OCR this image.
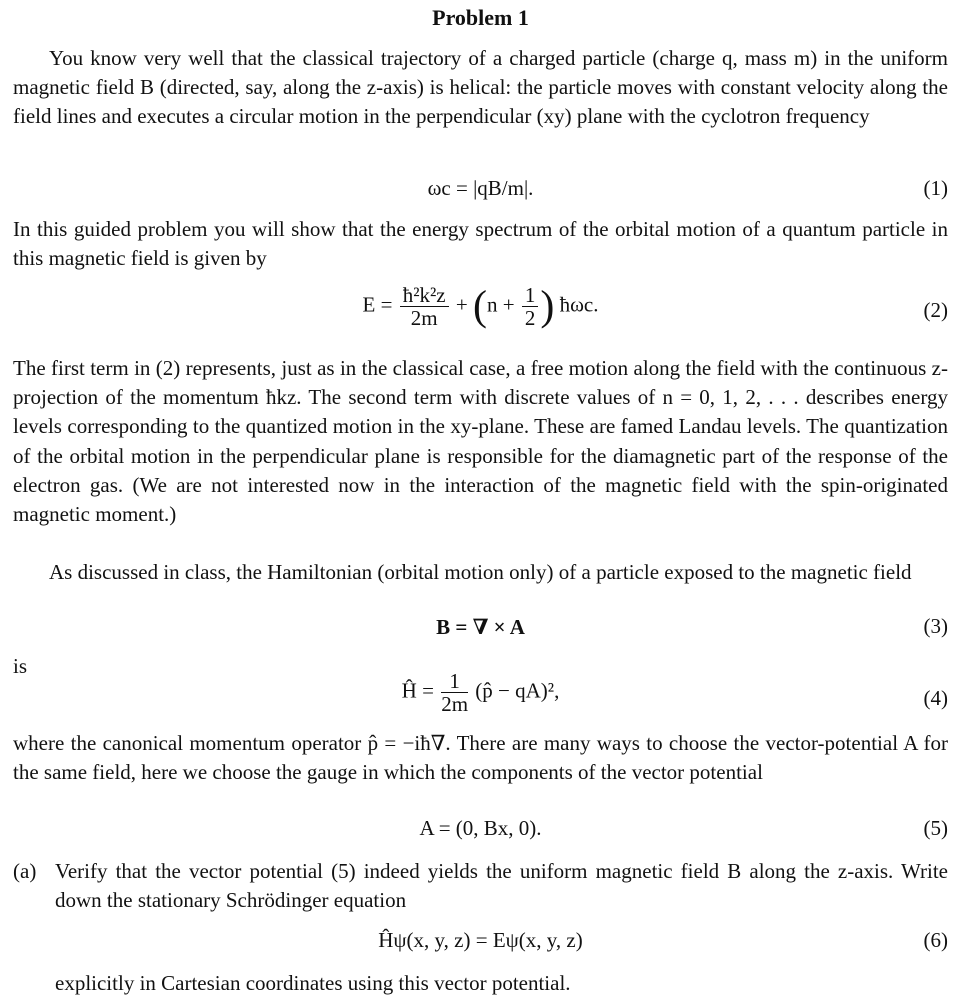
Problem 1
You know very well that the classical trajectory of a charged particle (charge q, mass m) in the uniform magnetic field B (directed, say, along the z-axis) is helical: the particle moves with constant velocity along the field lines and executes a circular motion in the perpendicular (xy) plane with the cyclotron frequency
ωc = |qB/m|.	(1)
In this guided problem you will show that the energy spectrum of the orbital motion of a quantum particle in this magnetic field is given by
$E = \frac{\text{ħ²k²z}}{2m} + (n + \frac{1}{2}$ ) ħωc.	(2)
The first term in (2) represents, just as in the classical case, a free motion along the field with the continuous z-projection of the momentum ħkz. The second term with discrete values of n = 0, 1, 2, . . . describes energy levels corresponding to the quantized motion in the xy-plane. These are famed Landau levels. The quantization of the orbital motion in the perpendicular plane is responsible for the diamagnetic part of the response of the electron gas. (We are not interested now in the interaction of the magnetic field with the spin-originated magnetic moment.)
As discussed in class, the Hamiltonian (orbital motion only) of a particle exposed to the magnetic field
B = ∇ × A	(3)
is
Ĥ = $\frac{1}{2m}$ (p̂ − qA)²,	(4)
where the canonical momentum operator p̂ = −iħ∇. There are many ways to choose the vector-potential A for the same field, here we choose the gauge in which the components of the vector potential
A = (0, Bx, 0).	(5)
(a) Verify that the vector potential (5) indeed yields the uniform magnetic field B along the z-axis. Write down the stationary Schrödinger equation
Ĥψ(x, y, z) = Eψ(x, y, z)	(6)
explicitly in Cartesian coordinates using this vector potential.
